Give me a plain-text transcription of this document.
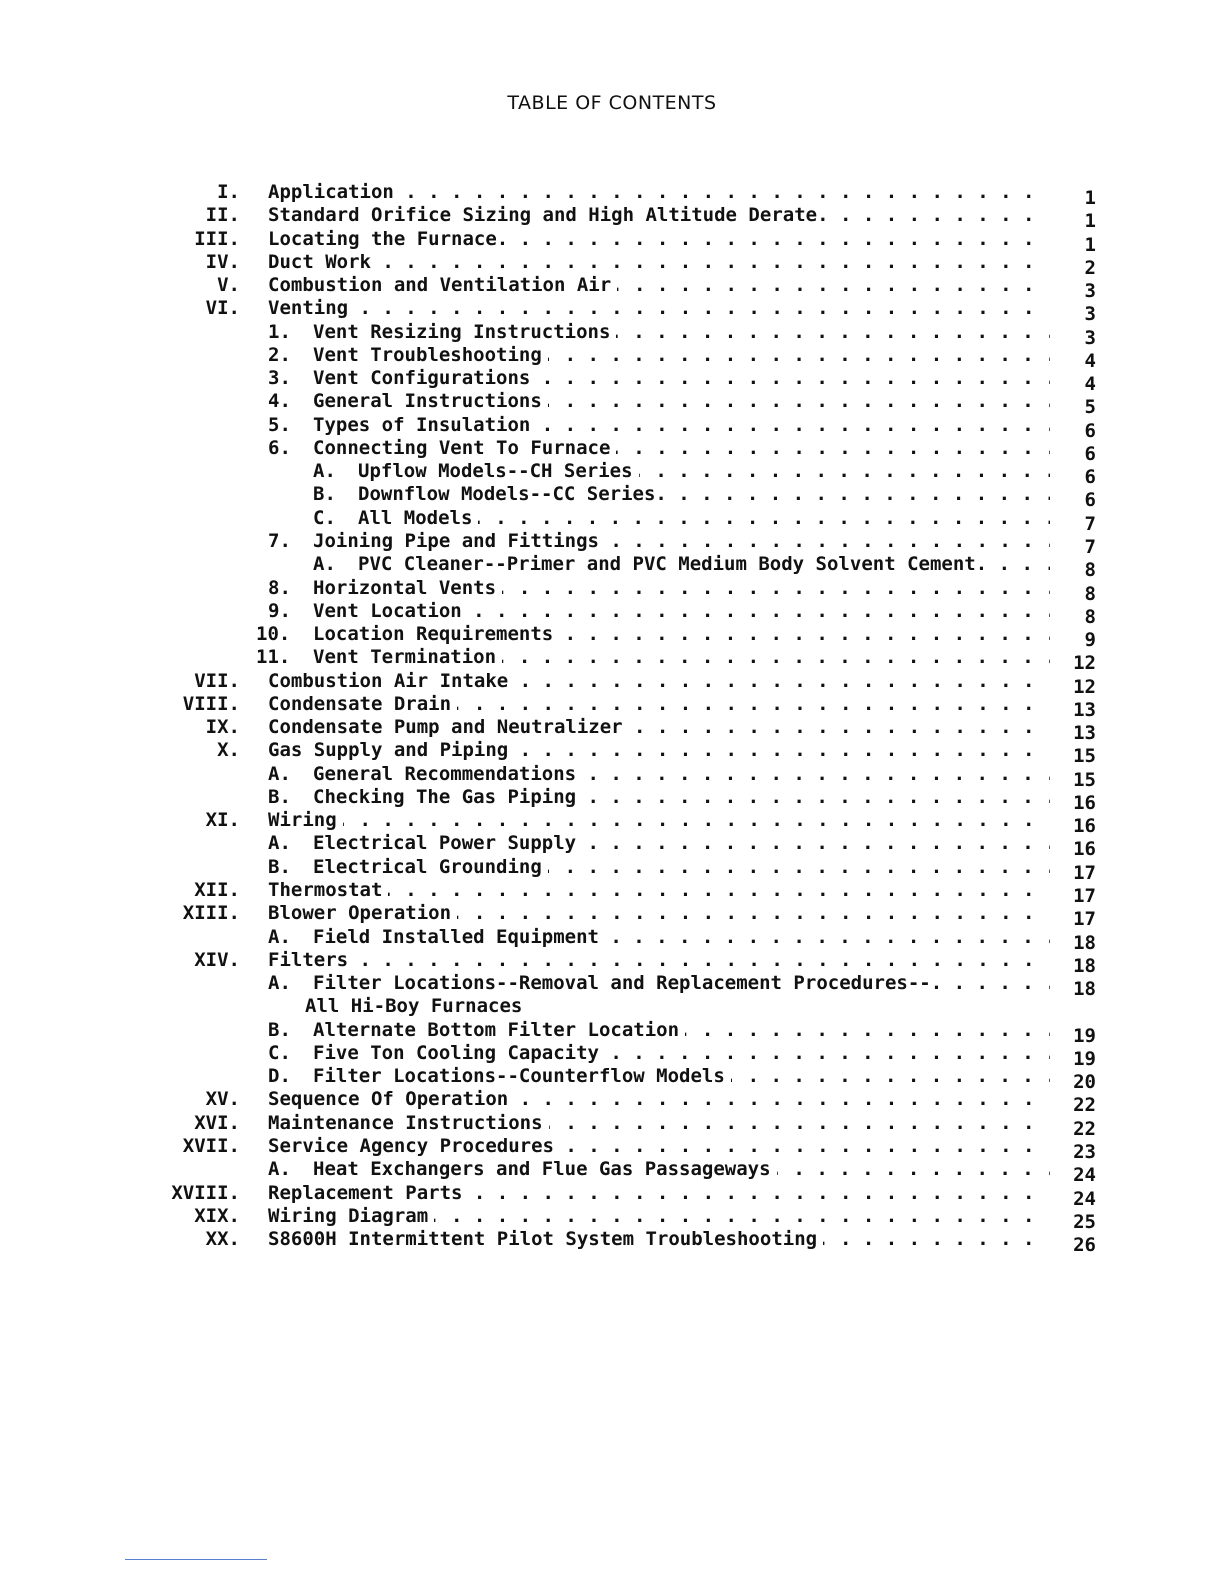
TABLE OF CONTENTS
I. Application . . .	1
II. Standard Orifice Sizing and High Altitude Derate. . . .	1
III. Locating the Furnace. . . .	1
IV. Duct Work . . .	2
V. Combustion and Ventilation Air . . .	3
VI. Venting . . .	3
1. Vent Resizing Instructions . . .	3
2. Vent Troubleshooting . . .	4
3. Vent Configurations . . .	4
4. General Instructions . . .	5
5. Types of Insulation . . .	6
6. Connecting Vent To Furnace . . .	6
A. Upflow Models--CH Series . . .	6
B. Downflow Models--CC Series. . . .	6
C. All Models . . .	7
7. Joining Pipe and Fittings . . .	7
A. PVC Cleaner--Primer and PVC Medium Body Solvent Cement. . . .	8
8. Horizontal Vents . . .	8
9. Vent Location . . .	8
10. Location Requirements . . .	9
11. Vent Termination . . .	12
VII. Combustion Air Intake . . .	12
VIII. Condensate Drain . . .	13
IX. Condensate Pump and Neutralizer . . .	13
X. Gas Supply and Piping . . .	15
A. General Recommendations . . .	15
B. Checking The Gas Piping . . .	16
XI. Wiring . . .	16
A. Electrical Power Supply . . .	16
B. Electrical Grounding . . .	17
XII. Thermostat . . .	17
XIII. Blower Operation . . .	17
A. Field Installed Equipment . . .	18
XIV. Filters . . .	18
A. Filter Locations--Removal and Replacement Procedures--. . . .	18
All Hi-Boy Furnaces
B. Alternate Bottom Filter Location . . .	19
C. Five Ton Cooling Capacity . . .	19
D. Filter Locations--Counterflow Models . . .	20
XV. Sequence Of Operation . . .	22
XVI. Maintenance Instructions . . .	22
XVII. Service Agency Procedures . . .	23
A. Heat Exchangers and Flue Gas Passageways . . .	24
XVIII. Replacement Parts . . .	24
XIX. Wiring Diagram . . .	25
XX. S8600H Intermittent Pilot System Troubleshooting . . .	26
